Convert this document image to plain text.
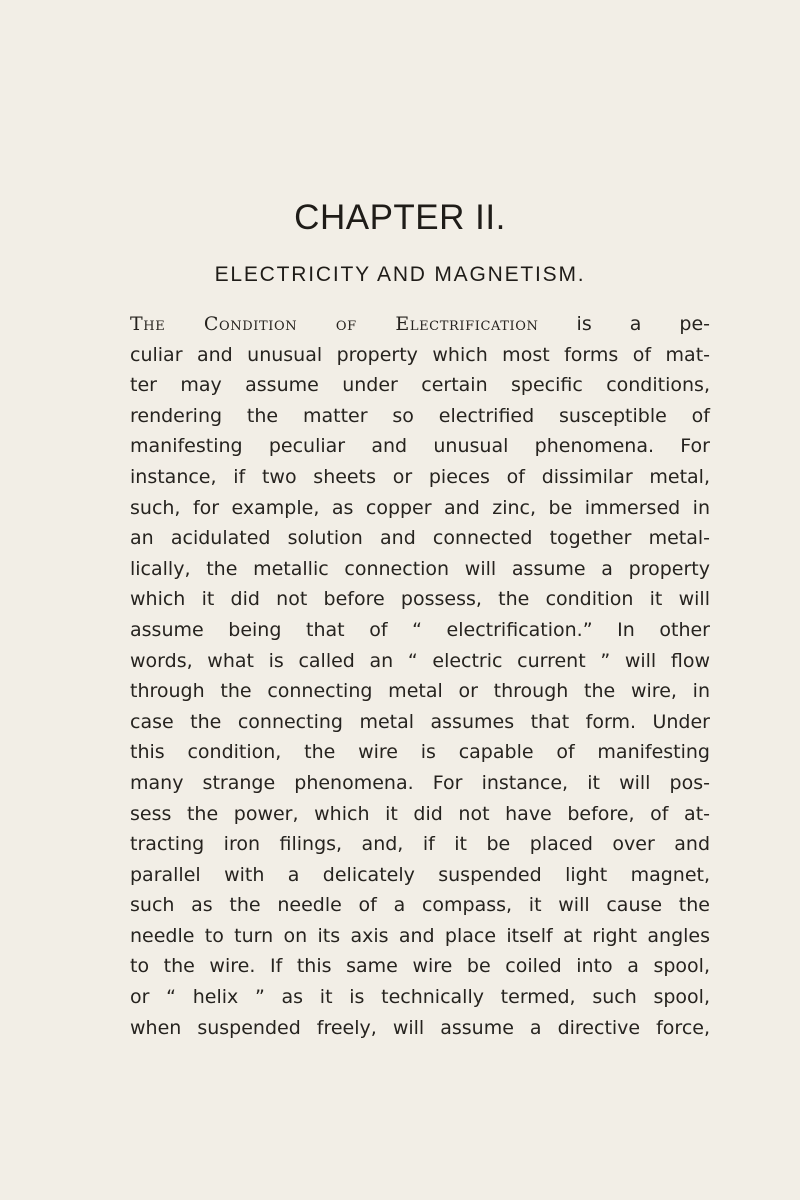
CHAPTER II.
ELECTRICITY AND MAGNETISM.
The Condition of Electrification is a pe-
culiar and unusual property which most forms of mat-
ter may assume under certain specific conditions,
rendering the matter so electrified susceptible of
manifesting peculiar and unusual phenomena. For
instance, if two sheets or pieces of dissimilar metal,
such, for example, as copper and zinc, be immersed in
an acidulated solution and connected together metal-
lically, the metallic connection will assume a property
which it did not before possess, the condition it will
assume being that of “ electrification.” In other
words, what is called an “ electric current ” will flow
through the connecting metal or through the wire, in
case the connecting metal assumes that form. Under
this condition, the wire is capable of manifesting
many strange phenomena. For instance, it will pos-
sess the power, which it did not have before, of at-
tracting iron filings, and, if it be placed over and
parallel with a delicately suspended light magnet,
such as the needle of a compass, it will cause the
needle to turn on its axis and place itself at right angles
to the wire. If this same wire be coiled into a spool,
or “ helix ” as it is technically termed, such spool,
when suspended freely, will assume a directive force,
